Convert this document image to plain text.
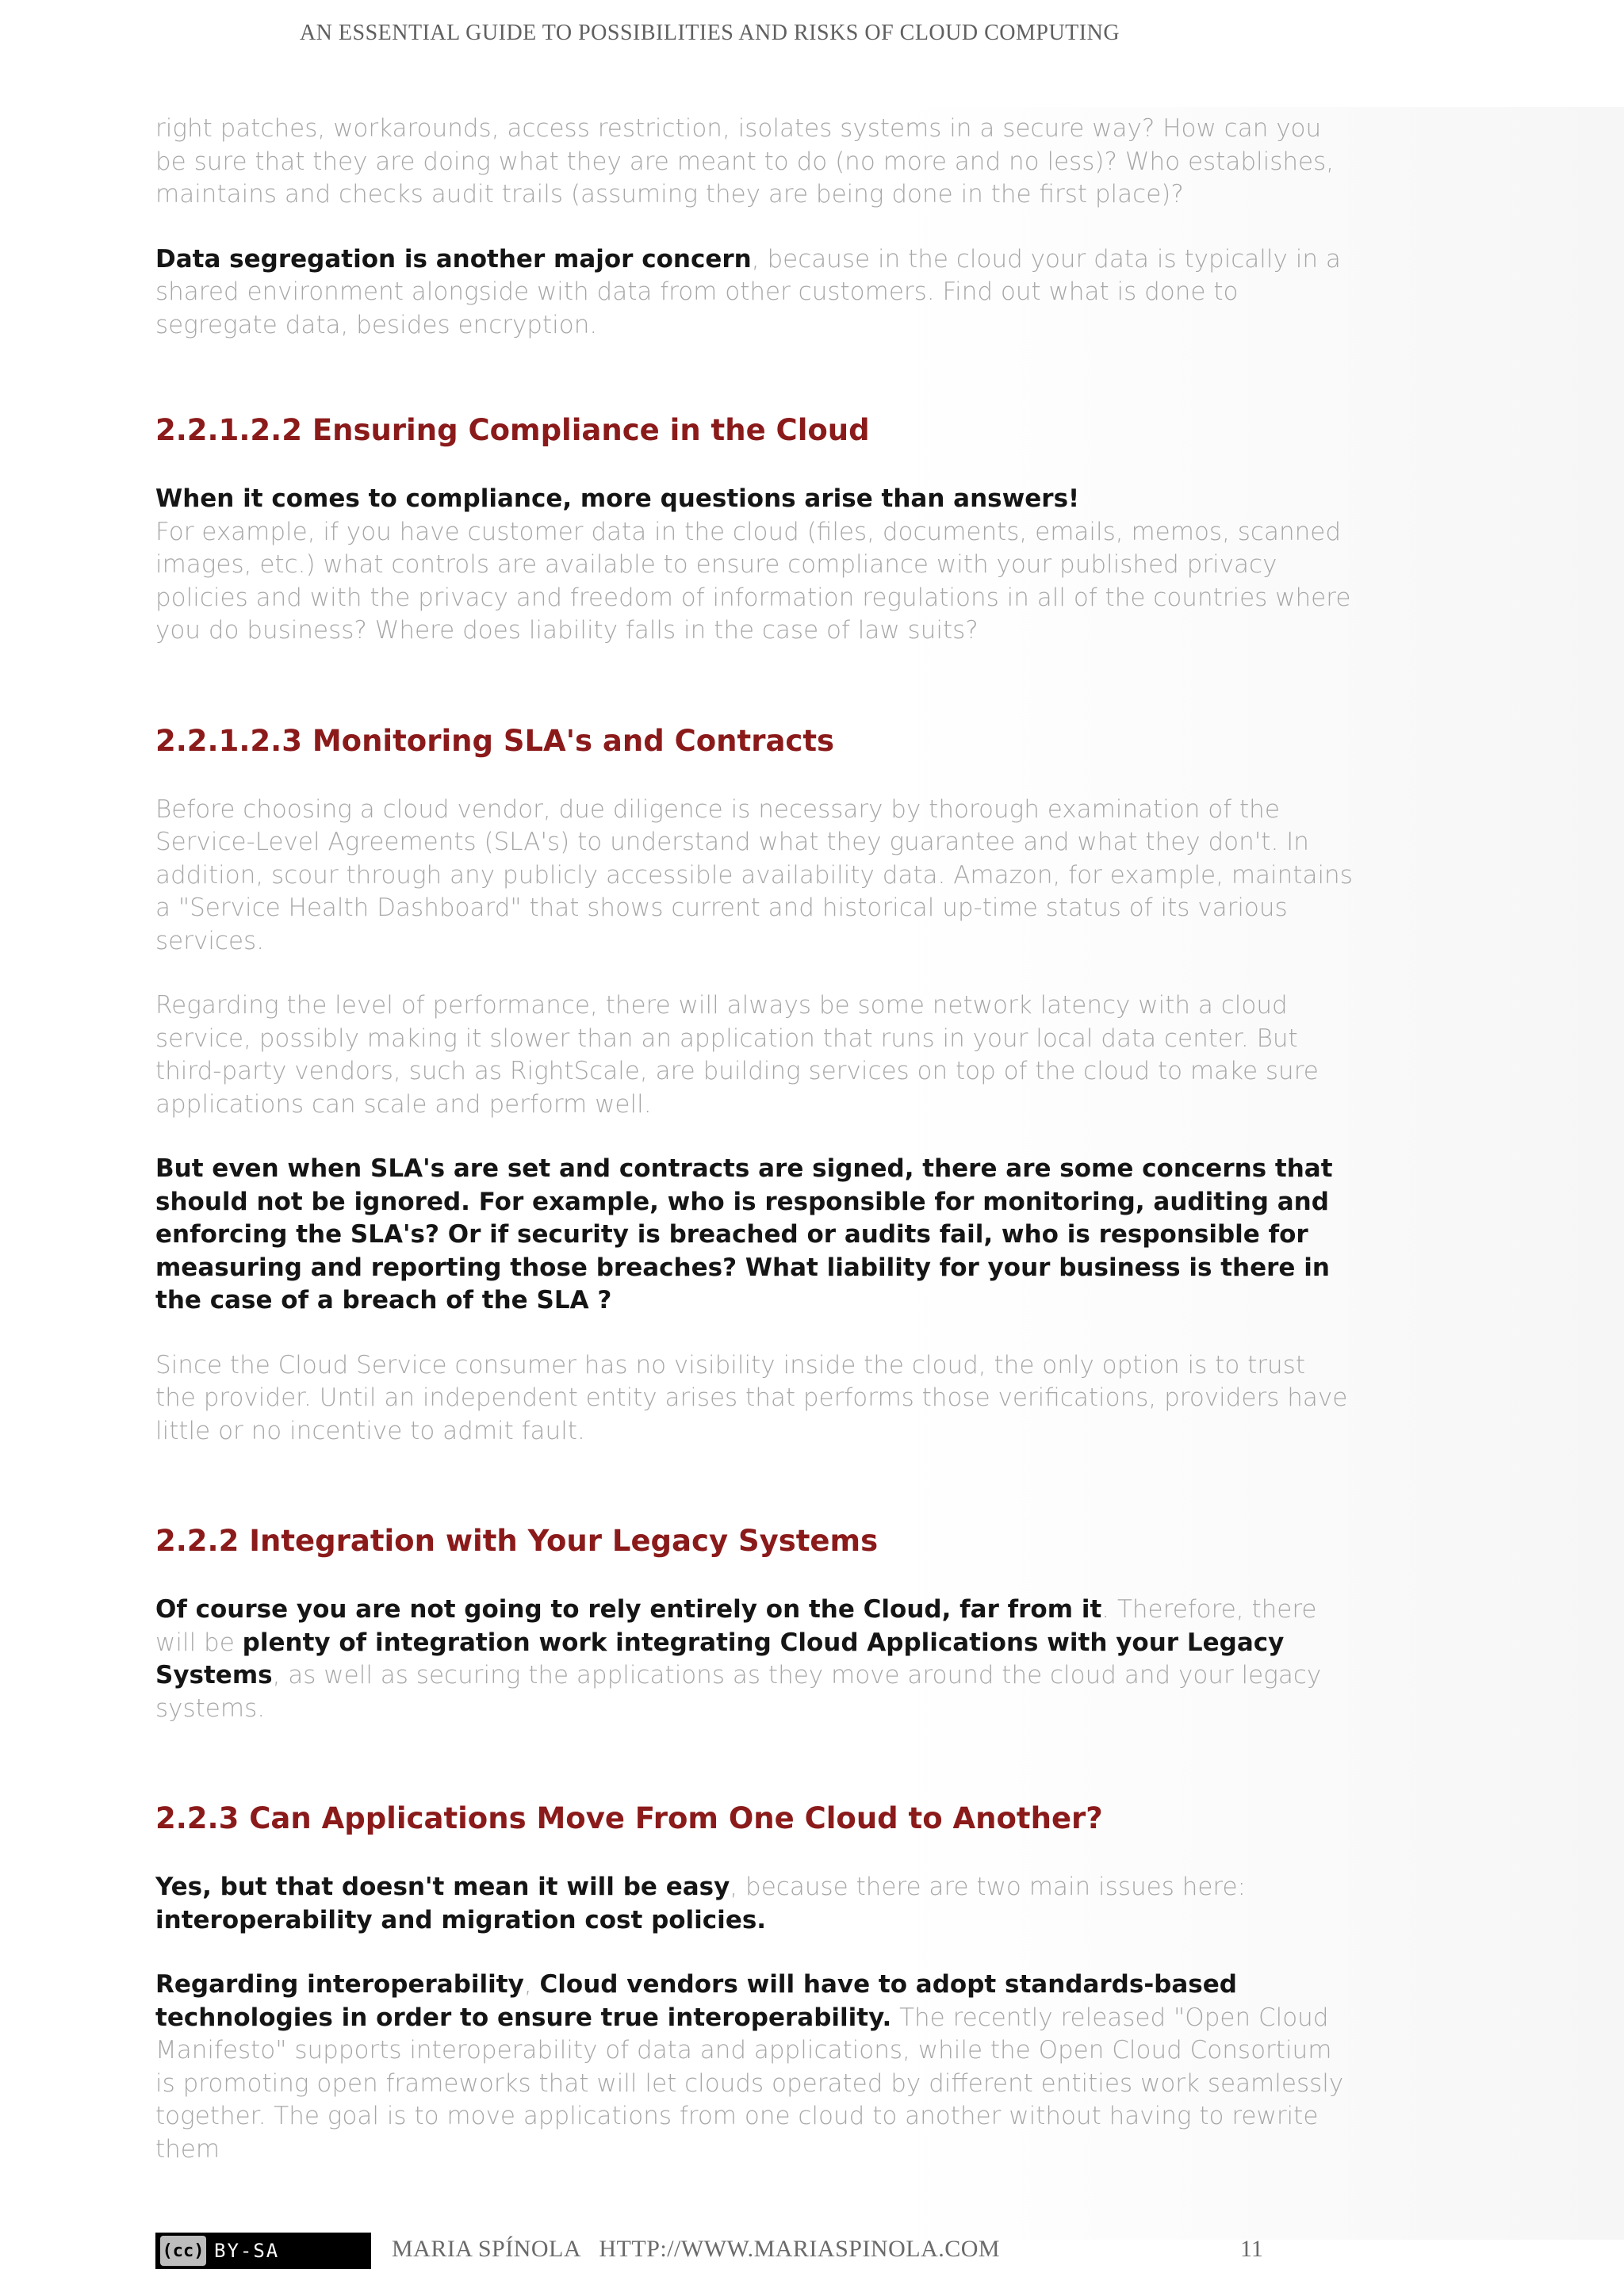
AN ESSENTIAL GUIDE TO POSSIBILITIES AND RISKS OF CLOUD COMPUTING

right patches, workarounds, access restriction, isolates systems in a secure way? How can you be sure that they are doing what they are meant to do (no more and no less)? Who establishes, maintains and checks audit trails (assuming they are being done in the first place)?

Data segregation is another major concern, because in the cloud your data is typically in a shared environment alongside with data from other customers. Find out what is done to segregate data, besides encryption.

2.2.1.2.2 Ensuring Compliance in the Cloud

When it comes to compliance, more questions arise than answers!
For example, if you have customer data in the cloud (files, documents, emails, memos, scanned images, etc.) what controls are available to ensure compliance with your published privacy policies and with the privacy and freedom of information regulations in all of the countries where you do business? Where does liability falls in the case of law suits?

2.2.1.2.3 Monitoring SLA's and Contracts

Before choosing a cloud vendor, due diligence is necessary by thorough examination of the Service-Level Agreements (SLA's) to understand what they guarantee and what they don't. In addition, scour through any publicly accessible availability data. Amazon, for example, maintains a "Service Health Dashboard" that shows current and historical up-time status of its various services.

Regarding the level of performance, there will always be some network latency with a cloud service, possibly making it slower than an application that runs in your local data center. But third-party vendors, such as RightScale, are building services on top of the cloud to make sure applications can scale and perform well.

But even when SLA's are set and contracts are signed, there are some concerns that should not be ignored. For example, who is responsible for monitoring, auditing and enforcing the SLA's? Or if security is breached or audits fail, who is responsible for measuring and reporting those breaches? What liability for your business is there in the case of a breach of the SLA ?

Since the Cloud Service consumer has no visibility inside the cloud, the only option is to trust the provider. Until an independent entity arises that performs those verifications, providers have little or no incentive to admit fault.

2.2.2 Integration with Your Legacy Systems

Of course you are not going to rely entirely on the Cloud, far from it. Therefore, there will be plenty of integration work integrating Cloud Applications with your Legacy Systems, as well as securing the applications as they move around the cloud and your legacy systems.

2.2.3 Can Applications Move From One Cloud to Another?

Yes, but that doesn't mean it will be easy, because there are two main issues here:
interoperability and migration cost policies.

Regarding interoperability, Cloud vendors will have to adopt standards-based technologies in order to ensure true interoperability. The recently released "Open Cloud Manifesto" supports interoperability of data and applications, while the Open Cloud Consortium is promoting open frameworks that will let clouds operated by different entities work seamlessly together. The goal is to move applications from one cloud to another without having to rewrite them

(cc) BY-SA	MARIA SPÍNOLA   HTTP://WWW.MARIASPINOLA.COM	11
